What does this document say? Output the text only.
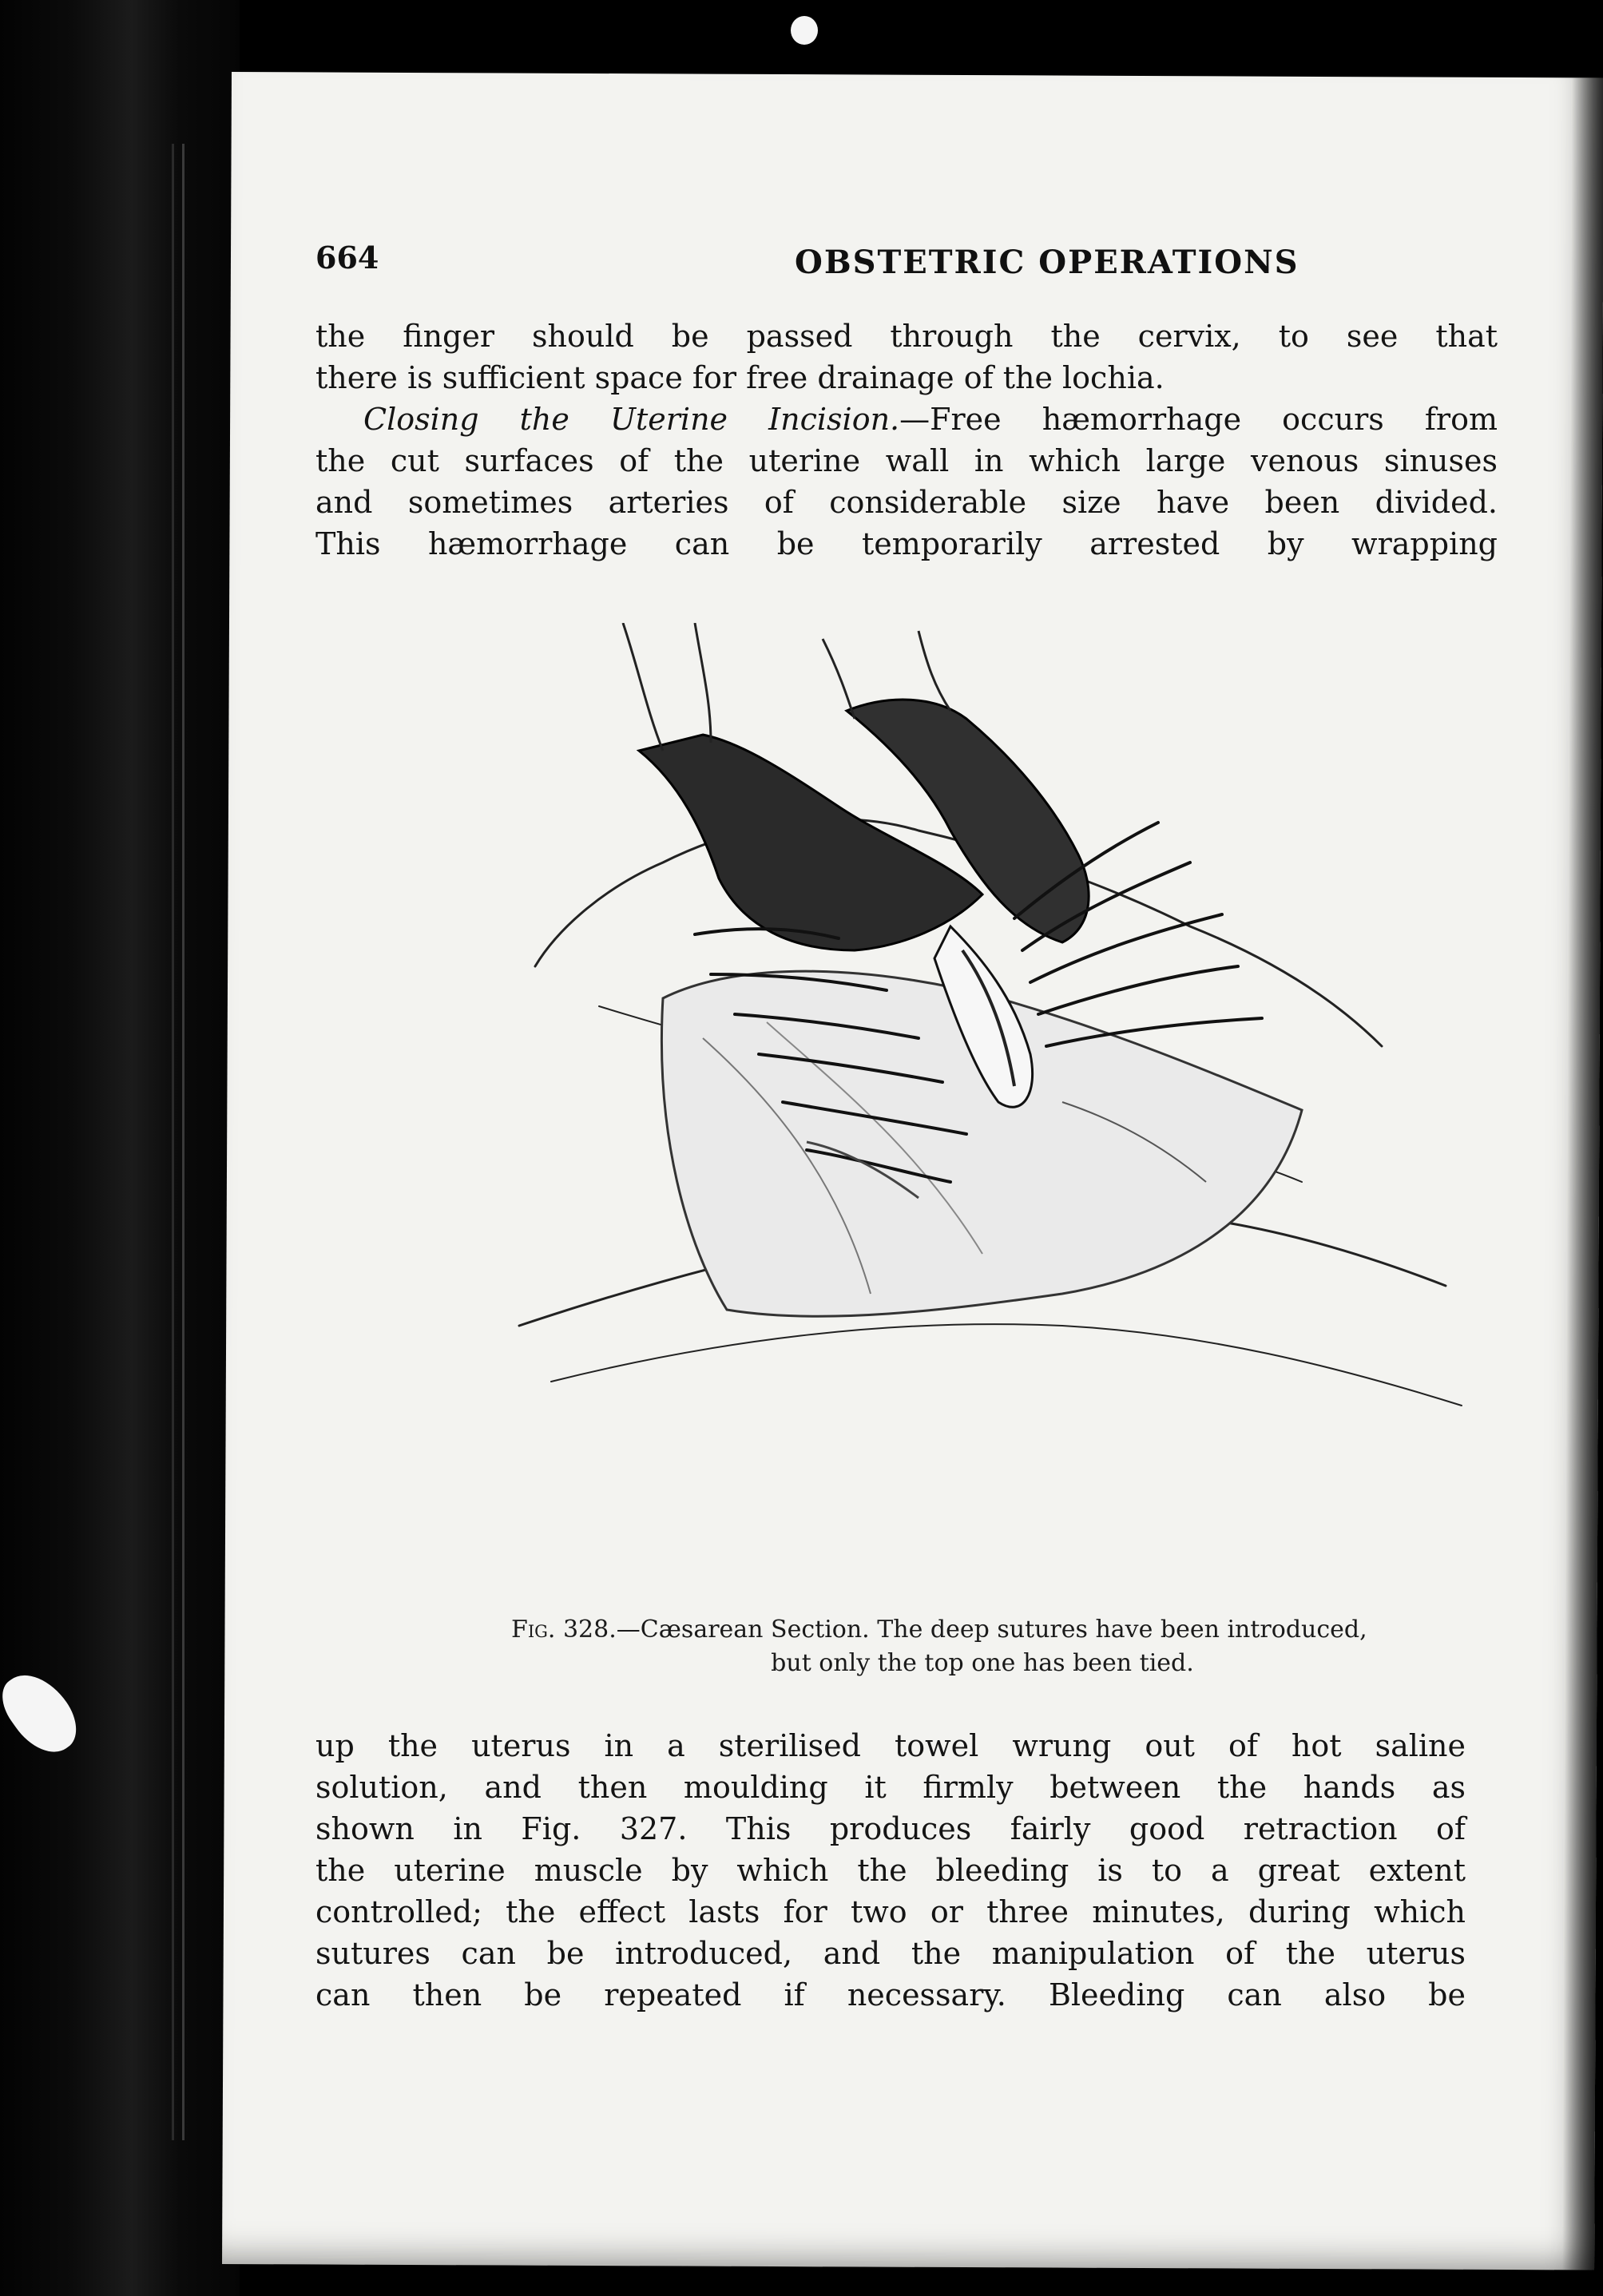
664	OBSTETRIC OPERATIONS
the finger should be passed through the cervix, to see that
there is sufficient space for free drainage of the lochia.
Closing the Uterine Incision.—Free hæmorrhage occurs from
the cut surfaces of the uterine wall in which large venous sinuses
and sometimes arteries of considerable size have been divided.
This hæmorrhage can be temporarily arrested by wrapping
Fig. 328.—Cæsarean Section. The deep sutures have been introduced,
but only the top one has been tied.
up the uterus in a sterilised towel wrung out of hot saline
solution, and then moulding it firmly between the hands as
shown in Fig. 327. This produces fairly good retraction of
the uterine muscle by which the bleeding is to a great extent
controlled; the effect lasts for two or three minutes, during which
sutures can be introduced, and the manipulation of the uterus
can then be repeated if necessary. Bleeding can also be
